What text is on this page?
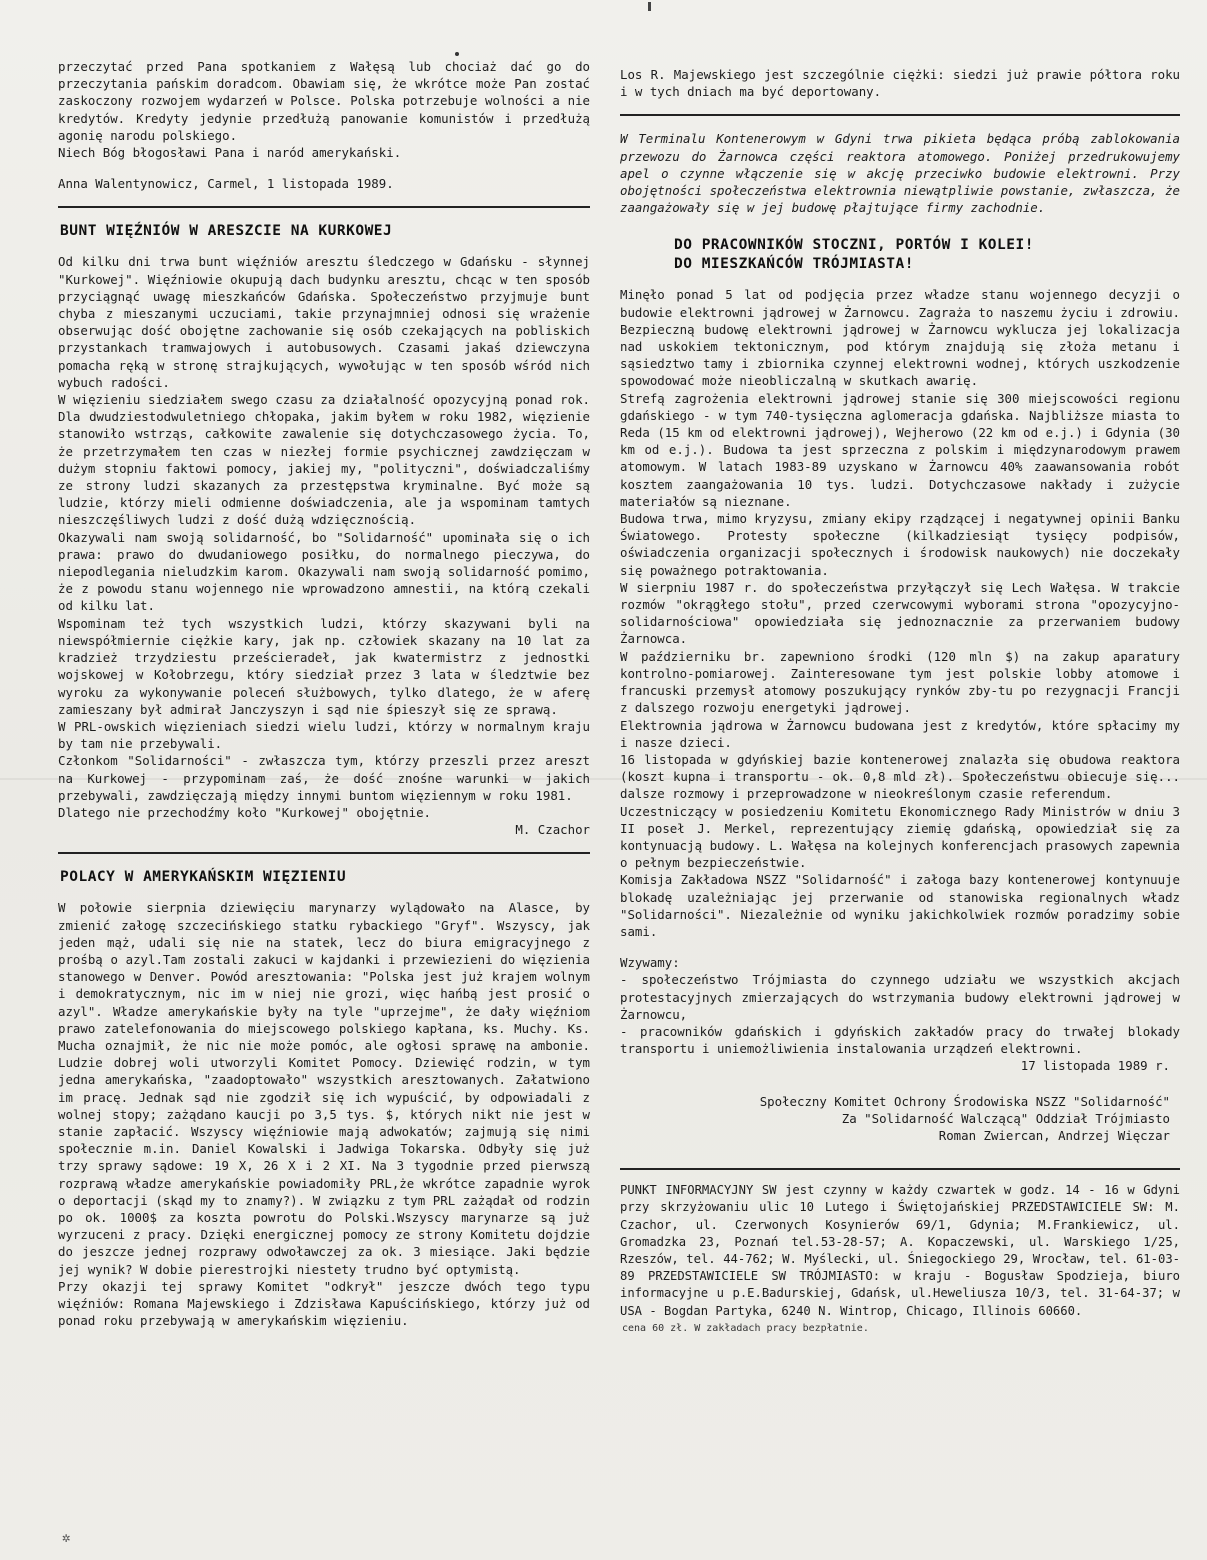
przeczytać przed Pana spotkaniem z Wałęsą lub chociaż dać go do przeczytania pańskim doradcom. Obawiam się, że wkrótce może Pan zostać zaskoczony rozwojem wydarzeń w Polsce. Polska potrzebuje wolności a nie kredytów. Kredyty jedynie przedłużą panowanie komunistów i przedłużą agonię narodu polskiego.
Niech Bóg błogosławi Pana i naród amerykański.

Anna Walentynowicz, Carmel, 1 listopada 1989.

BUNT WIĘŹNIÓW W ARESZCIE NA KURKOWEJ

Od kilku dni trwa bunt więźniów aresztu śledczego w Gdańsku - słynnej "Kurkowej". Więźniowie okupują dach budynku aresztu, chcąc w ten sposób przyciągnąć uwagę mieszkańców Gdańska. Społeczeństwo przyjmuje bunt chyba z mieszanymi uczuciami, takie przynajmniej odnosi się wrażenie obserwując dość obojętne zachowanie się osób czekających na pobliskich przystankach tramwajowych i autobusowych. Czasami jakaś dziewczyna pomacha ręką w stronę strajkujących, wywołując w ten sposób wśród nich wybuch radości.

W więzieniu siedziałem swego czasu za działalność opozycyjną ponad rok. Dla dwudziestodwuletniego chłopaka, jakim byłem w roku 1982, więzienie stanowiło wstrząs, całkowite zawalenie się dotychczasowego życia. To, że przetrzymałem ten czas w niezłej formie psychicznej zawdzięczam w dużym stopniu faktowi pomocy, jakiej my, "polityczni", doświadczaliśmy ze strony ludzi skazanych za przestępstwa kryminalne. Być może są ludzie, którzy mieli odmienne doświadczenia, ale ja wspominam tamtych nieszczęśliwych ludzi z dość dużą wdzięcznością.

Okazywali nam swoją solidarność, bo "Solidarność" upominała się o ich prawa: prawo do dwudaniowego posiłku, do normalnego pieczywa, do niepodlegania nieludzkim karom. Okazywali nam swoją solidarność pomimo, że z powodu stanu wojennego nie wprowadzono amnestii, na którą czekali od kilku lat.

Wspominam też tych wszystkich ludzi, którzy skazywani byli na niewspółmiernie ciężkie kary, jak np. człowiek skazany na 10 lat za kradzież trzydziestu prześcieradeł, jak kwatermistrz z jednostki wojskowej w Kołobrzegu, który siedział przez 3 lata w śledztwie bez wyroku za wykonywanie poleceń służbowych, tylko dlatego, że w aferę zamieszany był admirał Janczyszyn i sąd nie śpieszył się ze sprawą.

W PRL-owskich więzieniach siedzi wielu ludzi, którzy w normalnym kraju by tam nie przebywali.

Członkom "Solidarności" - zwłaszcza tym, którzy przeszli przez areszt na Kurkowej - przypominam zaś, że dość znośne warunki w jakich przebywali, zawdzięczają między innymi buntom więziennym w roku 1981.

Dlatego nie przechodźmy koło "Kurkowej" obojętnie.

M. Czachor

POLACY W AMERYKAŃSKIM WIĘZIENIU

W połowie sierpnia dziewięciu marynarzy wylądowało na Alasce, by zmienić załogę szczecińskiego statku rybackiego "Gryf". Wszyscy, jak jeden mąż, udali się nie na statek, lecz do biura emigracyjnego z prośbą o azyl.Tam zostali zakuci w kajdanki i przewiezieni do więzienia stanowego w Denver. Powód aresztowania: "Polska jest już krajem wolnym i demokratycznym, nic im w niej nie grozi, więc hańbą jest prosić o azyl". Władze amerykańskie były na tyle "uprzejme", że dały więźniom prawo zatelefonowania do miejscowego polskiego kapłana, ks. Muchy. Ks. Mucha oznajmił, że nic nie może pomóc, ale ogłosi sprawę na ambonie. Ludzie dobrej woli utworzyli Komitet Pomocy. Dziewięć rodzin, w tym jedna amerykańska, "zaadoptowało" wszystkich aresztowanych. Załatwiono im pracę. Jednak sąd nie zgodził się ich wypuścić, by odpowiadali z wolnej stopy; zażądano kaucji po 3,5 tys. $, których nikt nie jest w stanie zapłacić. Wszyscy więźniowie mają adwokatów; zajmują się nimi społecznie m.in. Daniel Kowalski i Jadwiga Tokarska. Odbyły się już trzy sprawy sądowe: 19 X, 26 X i 2 XI. Na 3 tygodnie przed pierwszą rozprawą władze amerykańskie powiadomiły PRL,że wkrótce zapadnie wyrok o deportacji (skąd my to znamy?). W związku z tym PRL zażądał od rodzin po ok. 1000$ za koszta powrotu do Polski.Wszyscy marynarze są już wyrzuceni z pracy. Dzięki energicznej pomocy ze strony Komitetu dojdzie do jeszcze jednej rozprawy odwoławczej za ok. 3 miesiące. Jaki będzie jej wynik? W dobie pierestrojki niestety trudno być optymistą.

Przy okazji tej sprawy Komitet "odkrył" jeszcze dwóch tego typu więźniów: Romana Majewskiego i Zdzisława Kapuścińskiego, którzy już od ponad roku przebywają w amerykańskim więzieniu.

Los R. Majewskiego jest szczególnie ciężki: siedzi już prawie półtora roku i w tych dniach ma być deportowany.

W Terminalu Kontenerowym w Gdyni trwa pikieta będąca próbą zablokowania przewozu do Żarnowca części reaktora atomowego. Poniżej przedrukowujemy apel o czynne włączenie się w akcję przeciwko budowie elektrowni. Przy obojętności społeczeństwa elektrownia niewątpliwie powstanie, zwłaszcza, że zaangażowały się w jej budowę płajtujące firmy zachodnie.

DO PRACOWNIKÓW STOCZNI, PORTÓW I KOLEI!
DO MIESZKAŃCÓW TRÓJMIASTA!

Minęło ponad 5 lat od podjęcia przez władze stanu wojennego decyzji o budowie elektrowni jądrowej w Żarnowcu. Zagraża to naszemu życiu i zdrowiu. Bezpieczną budowę elektrowni jądrowej w Żarnowcu wyklucza jej lokalizacja nad uskokiem tektonicznym, pod którym znajdują się złoża metanu i sąsiedztwo tamy i zbiornika czynnej elektrowni wodnej, których uszkodzenie spowodować może nieobliczalną w skutkach awarię.

Strefą zagrożenia elektrowni jądrowej stanie się 300 miejscowości regionu gdańskiego - w tym 740-tysięczna aglomeracja gdańska. Najbliższe miasta to Reda (15 km od elektrowni jądrowej), Wejherowo (22 km od e.j.) i Gdynia (30 km od e.j.). Budowa ta jest sprzeczna z polskim i międzynarodowym prawem atomowym. W latach 1983-89 uzyskano w Żarnowcu 40% zaawansowania robót kosztem zaangażowania 10 tys. ludzi. Dotychczasowe nakłady i zużycie materiałów są nieznane.

Budowa trwa, mimo kryzysu, zmiany ekipy rządzącej i negatywnej opinii Banku Światowego. Protesty społeczne (kilkadziesiąt tysięcy podpisów, oświadczenia organizacji społecznych i środowisk naukowych) nie doczekały się poważnego potraktowania.

W sierpniu 1987 r. do społeczeństwa przyłączył się Lech Wałęsa. W trakcie rozmów "okrągłego stołu", przed czerwcowymi wyborami strona "opozycyjno-solidarnościowa" opowiedziała się jednoznacznie za przerwaniem budowy Żarnowca.

W październiku br. zapewniono środki (120 mln $) na zakup aparatury kontrolno-pomiarowej. Zainteresowane tym jest polskie lobby atomowe i francuski przemysł atomowy poszukujący rynków zby-tu po rezygnacji Francji z dalszego rozwoju energetyki jądrowej.

Elektrownia jądrowa w Żarnowcu budowana jest z kredytów, które spłacimy my i nasze dzieci.

16 listopada w gdyńskiej bazie kontenerowej znalazła się obudowa reaktora (koszt kupna i transportu - ok. 0,8 mld zł). Społeczeństwu obiecuje się... dalsze rozmowy i przeprowadzone w nieokreślonym czasie referendum.

Uczestniczący w posiedzeniu Komitetu Ekonomicznego Rady Ministrów w dniu 3 II poseł J. Merkel, reprezentujący ziemię gdańską, opowiedział się za kontynuacją budowy. L. Wałęsa na kolejnych konferencjach prasowych zapewnia o pełnym bezpieczeństwie.

Komisja Zakładowa NSZZ "Solidarność" i załoga bazy kontenerowej kontynuuje blokadę uzależniając jej przerwanie od stanowiska regionalnych władz "Solidarności". Niezależnie od wyniku jakichkolwiek rozmów poradzimy sobie sami.

Wzywamy:

- społeczeństwo Trójmiasta do czynnego udziału we wszystkich akcjach protestacyjnych zmierzających do wstrzymania budowy elektrowni jądrowej w Żarnowcu,

- pracowników gdańskich i gdyńskich zakładów pracy do trwałej blokady transportu i uniemożliwienia instalowania urządzeń elektrowni.

17 listopada 1989 r.

Społeczny Komitet Ochrony Środowiska NSZZ "Solidarność"

Za "Solidarność Walczącą" Oddział Trójmiasto

Roman Zwiercan, Andrzej Więczar

PUNKT INFORMACYJNY SW jest czynny w każdy czwartek w godz. 14 - 16 w Gdyni przy skrzyżowaniu ulic 10 Lutego i Świętojańskiej PRZEDSTAWICIELE SW: M. Czachor, ul. Czerwonych Kosynierów 69/1, Gdynia; M.Frankiewicz, ul. Gromadzka 23, Poznań tel.53-28-57; A. Kopaczewski, ul. Warskiego 1/25, Rzeszów, tel. 44-762; W. Myślecki, ul. Śniegockiego 29, Wrocław, tel. 61-03-89 PRZEDSTAWICIELE SW TRÓJMIASTO: w kraju - Bogusław Spodzieja, biuro informacyjne u p.E.Badurskiej, Gdańsk, ul.Heweliusza 10/3, tel. 31-64-37; w USA - Bogdan Partyka, 6240 N. Wintrop, Chicago, Illinois 60660.

cena 60 zł. W zakładach pracy bezpłatnie.

✲
